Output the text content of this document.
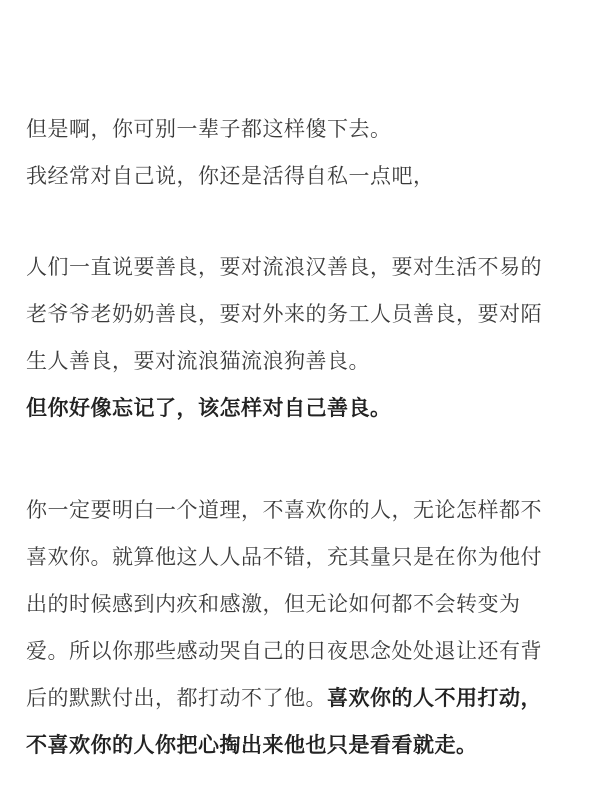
但是啊，你可别一辈子都这样傻下去。
我经常对自己说，你还是活得自私一点吧，

人们一直说要善良，要对流浪汉善良，要对生活不易的
老爷爷老奶奶善良，要对外来的务工人员善良，要对陌
生人善良，要对流浪猫流浪狗善良。
但你好像忘记了，该怎样对自己善良。

你一定要明白一个道理，不喜欢你的人，无论怎样都不
喜欢你。就算他这人人品不错，充其量只是在你为他付
出的时候感到内疚和感激，但无论如何都不会转变为
爱。所以你那些感动哭自己的日夜思念处处退让还有背
后的默默付出，都打动不了他。喜欢你的人不用打动，
不喜欢你的人你把心掏出来他也只是看看就走。
